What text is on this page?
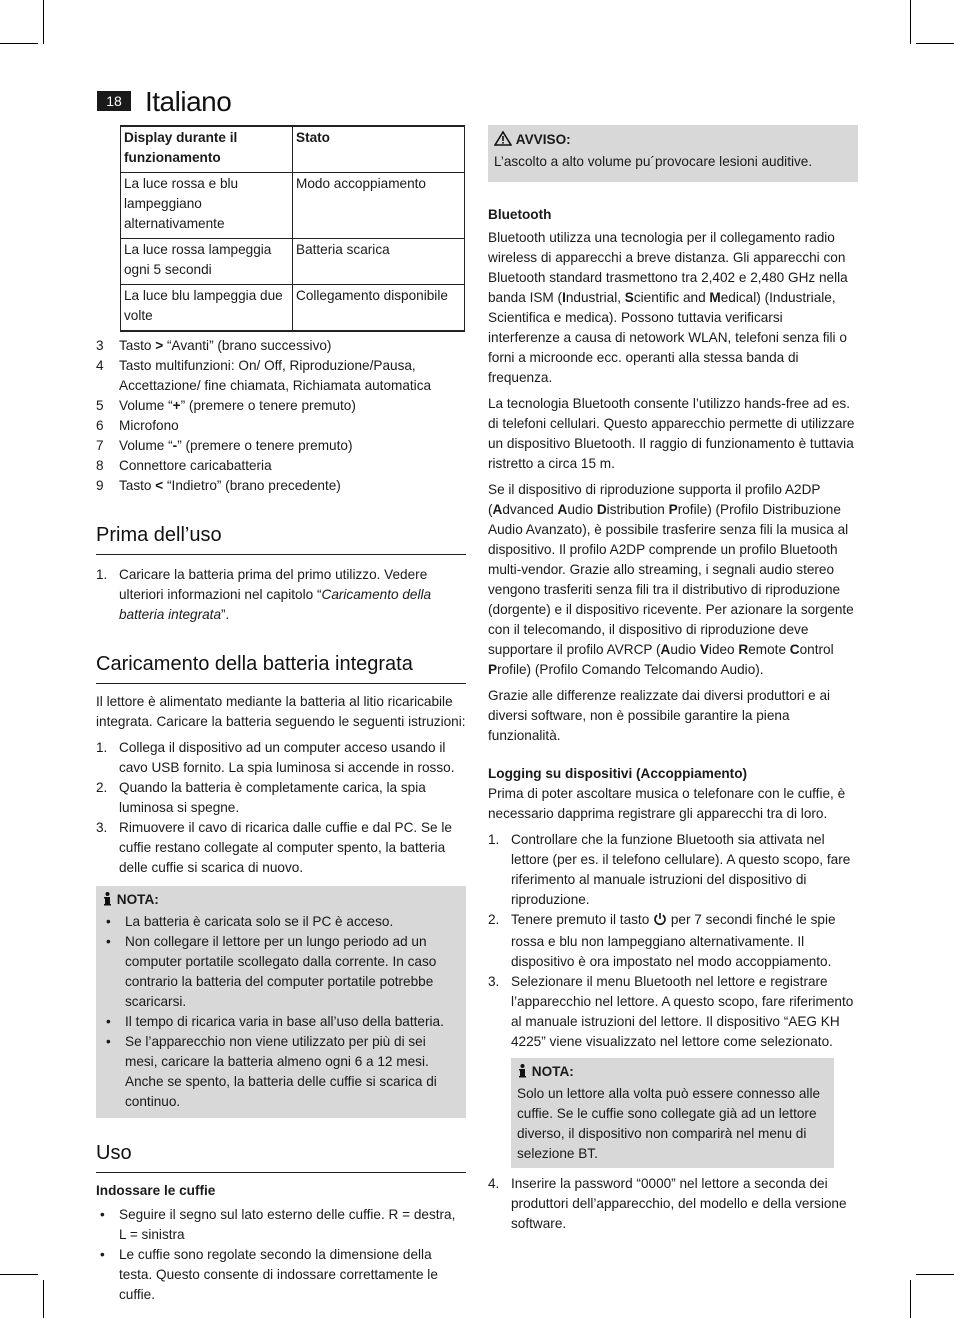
18 Italiano
Display durante il funzionamento	Stato
La luce rossa e blu lampeggiano alternativamente	Modo accoppiamento
La luce rossa lampeggia ogni 5 secondi	Batteria scarica
La luce blu lampeggia due volte	Collegamento disponibile
3 Tasto > “Avanti” (brano successivo)
4 Tasto multifunzioni: On/ Off, Riproduzione/Pausa, Accettazione/ fine chiamata, Richiamata automatica
5 Volume “+” (premere o tenere premuto)
6 Microfono
7 Volume “-” (premere o tenere premuto)
8 Connettore caricabatteria
9 Tasto < “Indietro” (brano precedente)
Prima dell’uso
1. Caricare la batteria prima del primo utilizzo. Vedere ulteriori informazioni nel capitolo “Caricamento della batteria integrata”.
Caricamento della batteria integrata

Il lettore è alimentato mediante la batteria al litio ricaricabile integrata. Caricare la batteria seguendo le seguenti istruzioni:

1. Collega il dispositivo ad un computer acceso usando il cavo USB fornito. La spia luminosa si accende in rosso.
2. Quando la batteria è completamente carica, la spia luminosa si spegne.
3. Rimuovere il cavo di ricarica dalle cuffie e dal PC. Se le cuffie restano collegate al computer spento, la batteria delle cuffie si scarica di nuovo.
NOTA:
• La batteria è caricata solo se il PC è acceso.
• Non collegare il lettore per un lungo periodo ad un computer portatile scollegato dalla corrente. In caso contrario la batteria del computer portatile potrebbe scaricarsi.
• Il tempo di ricarica varia in base all’uso della batteria.
• Se l’apparecchio non viene utilizzato per più di sei mesi, caricare la batteria almeno ogni 6 a 12 mesi. Anche se spento, la batteria delle cuffie si scarica di continuo.
Uso
Indossare le cuffie
• Seguire il segno sul lato esterno delle cuffie. R = destra, L = sinistra
• Le cuffie sono regolate secondo la dimensione della testa. Questo consente di indossare correttamente le cuffie.
AVVISO:
L’ascolto a alto volume pu´provocare lesioni auditive.
Bluetooth

Bluetooth utilizza una tecnologia per il collegamento radio wireless di apparecchi a breve distanza. Gli apparecchi con Bluetooth standard trasmettono tra 2,402 e 2,480 GHz nella banda ISM (Industrial, Scientific and Medical) (Industriale, Scientifica e medica). Possono tuttavia verificarsi interferenze a causa di netowork WLAN, telefoni senza fili o forni a microonde ecc. operanti alla stessa banda di frequenza.

La tecnologia Bluetooth consente l’utilizzo hands-free ad es. di telefoni cellulari. Questo apparecchio permette di utilizzare un dispositivo Bluetooth. Il raggio di funzionamento è tuttavia ristretto a circa 15 m.

Se il dispositivo di riproduzione supporta il profilo A2DP (Advanced Audio Distribution Profile) (Profilo Distribuzione Audio Avanzato), è possibile trasferire senza fili la musica al dispositivo. Il profilo A2DP comprende un profilo Bluetooth multi-vendor. Grazie allo streaming, i segnali audio stereo vengono trasferiti senza fili tra il distributivo di riproduzione (dorgente) e il dispositivo ricevente. Per azionare la sorgente con il telecomando, il dispositivo di riproduzione deve supportare il profilo AVRCP (Audio Video Remote Control Profile) (Profilo Comando Telcomando Audio).

Grazie alle differenze realizzate dai diversi produttori e ai diversi software, non è possibile garantire la piena funzionalità.

Logging su dispositivi (Accoppiamento)

Prima di poter ascoltare musica o telefonare con le cuffie, è necessario dapprima registrare gli apparecchi tra di loro.

1. Controllare che la funzione Bluetooth sia attivata nel lettore (per es. il telefono cellulare). A questo scopo, fare riferimento al manuale istruzioni del dispositivo di riproduzione.
2. Tenere premuto il tasto  per 7 secondi finché le spie rossa e blu non lampeggiano alternativamente. Il dispositivo è ora impostato nel modo accoppiamento.
3. Selezionare il menu Bluetooth nel lettore e registrare l’apparecchio nel lettore. A questo scopo, fare riferimento al manuale istruzioni del lettore. Il dispositivo “AEG KH 4225” viene visualizzato nel lettore come selezionato.
NOTA:
Solo un lettore alla volta può essere connesso alle cuffie. Se le cuffie sono collegate già ad un lettore diverso, il dispositivo non comparirà nel menu di selezione BT.
4. Inserire la password “0000” nel lettore a seconda dei produttori dell’apparecchio, del modello e della versione software.
